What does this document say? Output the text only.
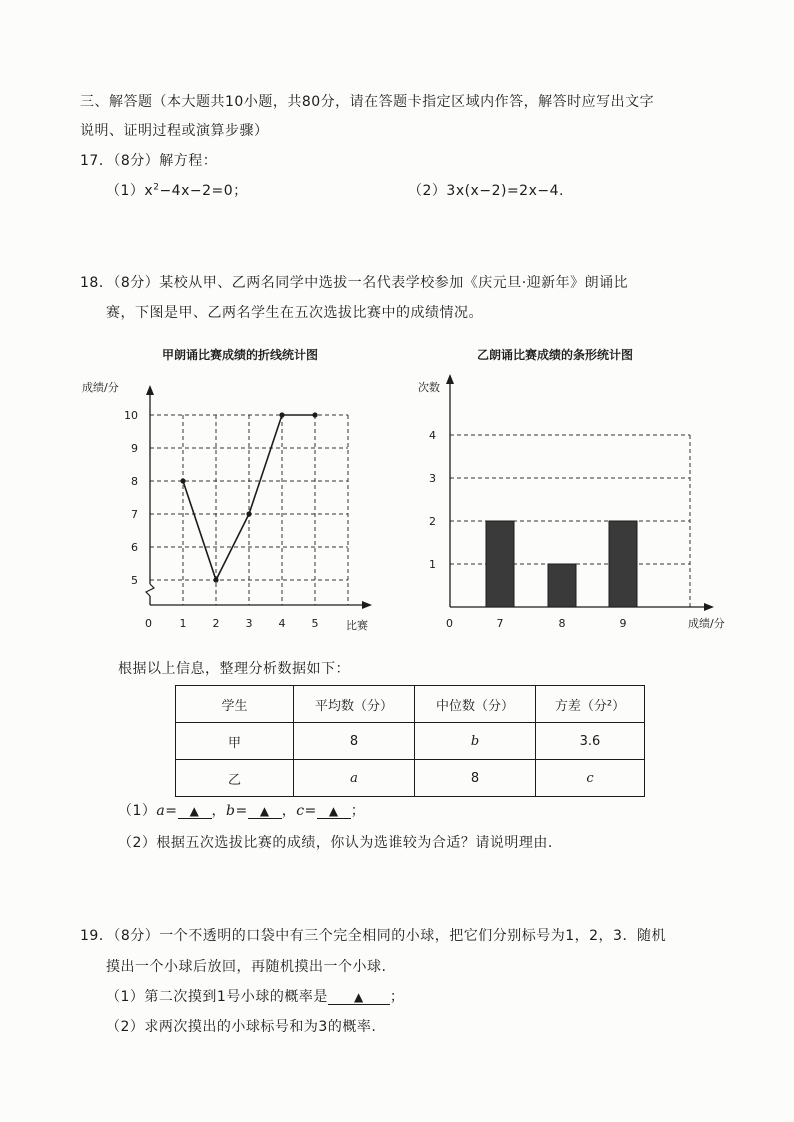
三、解答题（本大题共10小题，共80分，请在答题卡指定区域内作答，解答时应写出文字
说明、证明过程或演算步骤）
17．（8分）解方程：
$(1)x^2-4x-2=0$；	（2）3x(x−2)=2x−4.
18．（8分）某校从甲、乙两名同学中选拔一名代表学校参加《庆元旦·迎新年》朗诵比
赛，下图是甲、乙两名学生在五次选拔比赛中的成绩情况。
甲朗诵比赛成绩的折线统计图
成绩/分
比赛
0
5
6
7
8
9
10
1 2 3 4 5
乙朗诵比赛成绩的条形统计图
次数
成绩/分
0
1
2
3
4
7	8	9
根据以上信息，整理分析数据如下：
学生	平均数（分）	中位数（分）	方差（分²）
甲	8	b	3.6
乙	a	8	c
（1）a= ▲ ，b= ▲ ，c= ▲ ；
（2）根据五次选拔比赛的成绩，你认为选谁较为合适？请说明理由.
19．（8分）一个不透明的口袋中有三个完全相同的小球，把它们分别标号为1，2，3．随机
摸出一个小球后放回，再随机摸出一个小球.
（1）第二次摸到1号小球的概率是 ▲ ；
（2）求两次摸出的小球标号和为3的概率.
